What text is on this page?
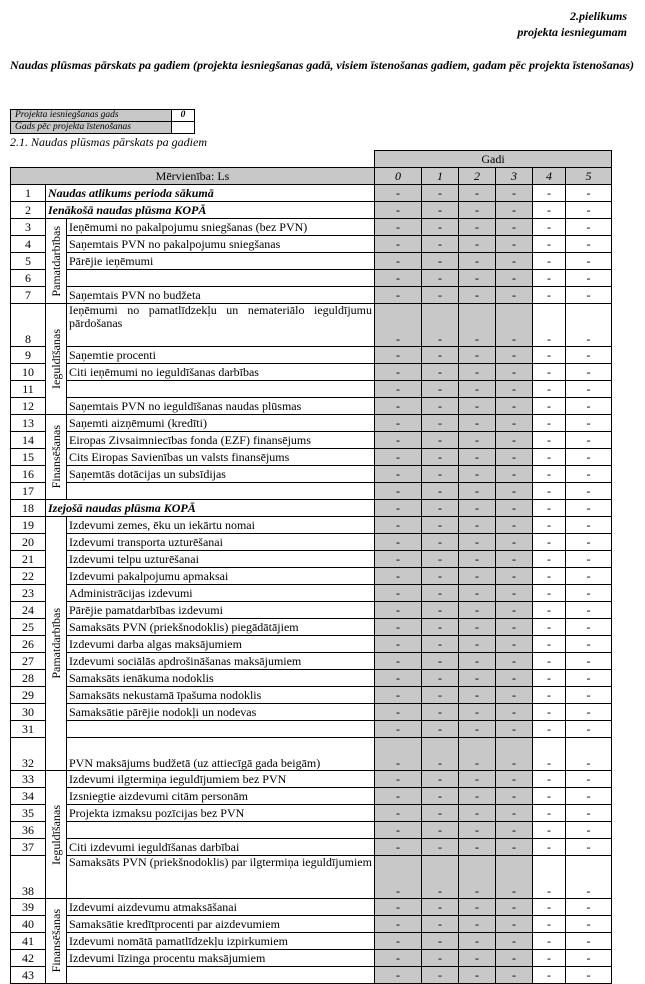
2.pielikums
projekta iesniegumam
Naudas plūsmas pārskats pa gadiem (projekta iesniegšanas gadā, visiem īstenošanas gadiem, gadam pēc projekta īstenošanas)
Projekta iesniegšanas gads	0
Gads pēc projekta īstenošanas	
2.1. Naudas plūsmas pārskats pa gadiem
			Gadi					
Mērvienība: Ls			0	1	2	3	4	5
1	Naudas atlikums perioda sākumā		-	-	-	-	-	-
2	Ienākošā naudas plūsma KOPĀ		-	-	-	-	-	-
3	Pamatdarbības	Ieņēmumi no pakalpojumu sniegšanas (bez PVN)	-	-	-	-	-	-
4		Saņemtais PVN no pakalpojumu sniegšanas	-	-	-	-	-	-
5		Pārējie ieņēmumi	-	-	-	-	-	-
6			-	-	-	-	-	-
7		Saņemtais PVN no budžeta	-	-	-	-	-	-
8	Ieguldīšanas	Ieņēmumi no pamatlīdzekļu un nemateriālo ieguldījumu pārdošanas	-	-	-	-	-	-
9		Saņemtie procenti	-	-	-	-	-	-
10		Citi ieņēmumi no ieguldīšanas darbības	-	-	-	-	-	-
11			-	-	-	-	-	-
12		Saņemtais PVN no ieguldīšanas naudas plūsmas	-	-	-	-	-	-
13	Finansēšanas	Saņemti aizņēmumi (kredīti)	-	-	-	-	-	-
14		Eiropas Zivsaimniecības fonda (EZF) finansējums	-	-	-	-	-	-
15		Cits Eiropas Savienības un valsts finansējums	-	-	-	-	-	-
16		Saņemtās dotācijas un subsīdijas	-	-	-	-	-	-
17			-	-	-	-	-	-
18	Izejošā naudas plūsma KOPĀ		-	-	-	-	-	-
19	Pamatdarbības	Izdevumi zemes, ēku un iekārtu nomai	-	-	-	-	-	-
20		Izdevumi transporta uzturēšanai	-	-	-	-	-	-
21		Izdevumi telpu uzturēšanai	-	-	-	-	-	-
22		Izdevumi pakalpojumu apmaksai	-	-	-	-	-	-
23		Administrācijas izdevumi	-	-	-	-	-	-
24		Pārējie pamatdarbības izdevumi	-	-	-	-	-	-
25		Samaksāts PVN (priekšnodoklis) piegādātājiem	-	-	-	-	-	-
26		Izdevumi darba algas maksājumiem	-	-	-	-	-	-
27		Izdevumi sociālās apdrošināšanas maksājumiem	-	-	-	-	-	-
28		Samaksāts ienākuma nodoklis	-	-	-	-	-	-
29		Samaksāts nekustamā īpašuma nodoklis	-	-	-	-	-	-
30		Samaksātie pārējie nodokļi un nodevas	-	-	-	-	-	-
31			-	-	-	-	-	-
32		PVN maksājums budžetā (uz attiecīgā gada beigām)	-	-	-	-	-	-
33	Ieguldīšanas	Izdevumi ilgtermiņa ieguldījumiem bez PVN	-	-	-	-	-	-
34		Izsniegtie aizdevumi citām personām	-	-	-	-	-	-
35		Projekta izmaksu pozīcijas bez PVN	-	-	-	-	-	-
36			-	-	-	-	-	-
37		Citi izdevumi ieguldīšanas darbībai	-	-	-	-	-	-
38		Samaksāts PVN (priekšnodoklis) par ilgtermiņa ieguldījumiem	-	-	-	-	-	-
39	Finansēšanas	Izdevumi aizdevumu atmaksāšanai	-	-	-	-	-	-
40		Samaksātie kredītprocenti par aizdevumiem	-	-	-	-	-	-
41		Izdevumi nomātā pamatlīdzekļu izpirkumiem	-	-	-	-	-	-
42		Izdevumi līzinga procentu maksājumiem	-	-	-	-	-	-
43			-	-	-	-	-	-
